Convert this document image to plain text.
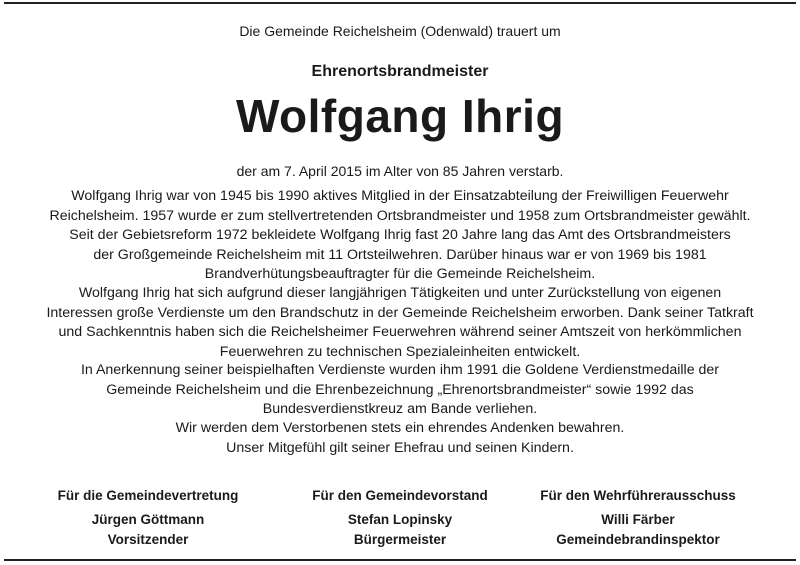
Die Gemeinde Reichelsheim (Odenwald) trauert um
Ehrenortsbrandmeister
Wolfgang Ihrig
der am 7. April 2015 im Alter von 85 Jahren verstarb.
Wolfgang Ihrig war von 1945 bis 1990 aktives Mitglied in der Einsatzabteilung der Freiwilligen Feuerwehr
Reichelsheim. 1957 wurde er zum stellvertretenden Ortsbrandmeister und 1958 zum Ortsbrandmeister gewählt.
Seit der Gebietsreform 1972 bekleidete Wolfgang Ihrig fast 20 Jahre lang das Amt des Ortsbrandmeisters
der Großgemeinde Reichelsheim mit 11 Ortsteilwehren. Darüber hinaus war er von 1969 bis 1981
Brandverhütungsbeauftragter für die Gemeinde Reichelsheim.
Wolfgang Ihrig hat sich aufgrund dieser langjährigen Tätigkeiten und unter Zurückstellung von eigenen
Interessen große Verdienste um den Brandschutz in der Gemeinde Reichelsheim erworben. Dank seiner Tatkraft
und Sachkenntnis haben sich die Reichelsheimer Feuerwehren während seiner Amtszeit von herkömmlichen
Feuerwehren zu technischen Spezialeinheiten entwickelt.
In Anerkennung seiner beispielhaften Verdienste wurden ihm 1991 die Goldene Verdienstmedaille der
Gemeinde Reichelsheim und die Ehrenbezeichnung „Ehrenortsbrandmeister“ sowie 1992 das
Bundesverdienstkreuz am Bande verliehen.
Wir werden dem Verstorbenen stets ein ehrendes Andenken bewahren.
Unser Mitgefühl gilt seiner Ehefrau und seinen Kindern.
Für die Gemeindevertretung
Jürgen Göttmann
Vorsitzender
Für den Gemeindevorstand
Stefan Lopinsky
Bürgermeister
Für den Wehrführerausschuss
Willi Färber
Gemeindebrandinspektor
